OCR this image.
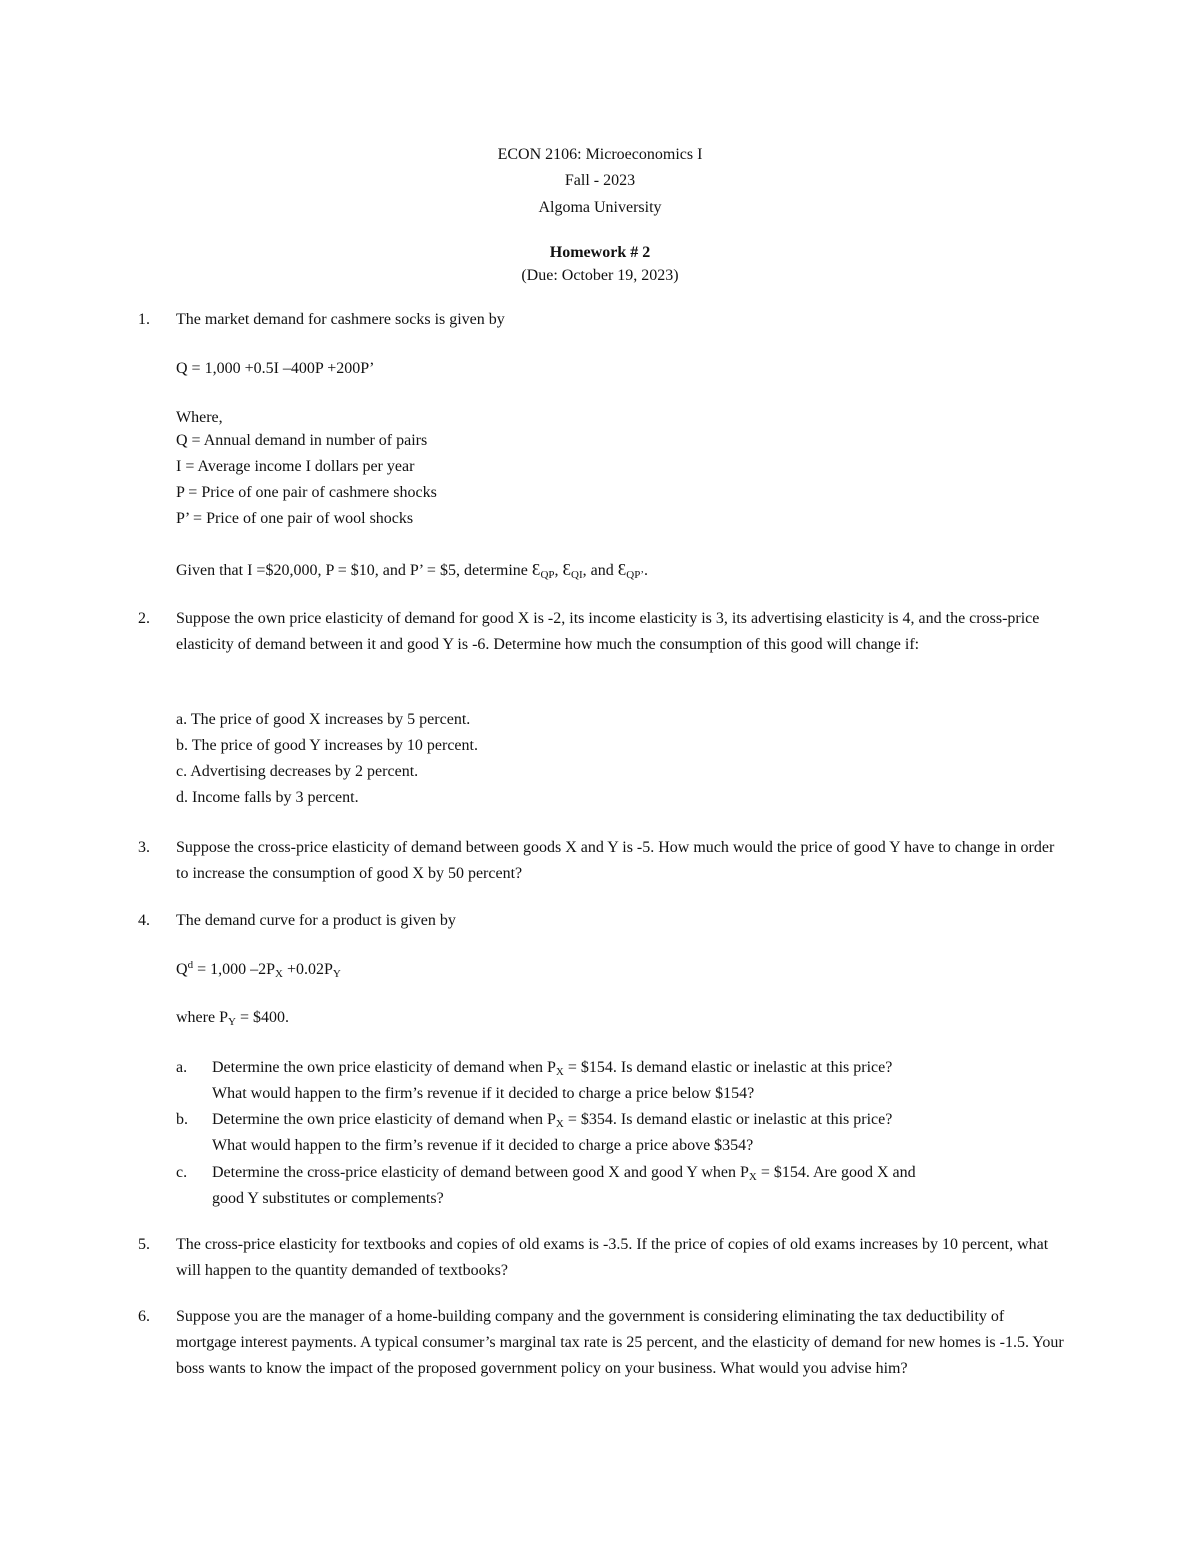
ECON 2106: Microeconomics I
Fall - 2023
Algoma University
Homework # 2
(Due: October 19, 2023)
1.	The market demand for cashmere socks is given by
Q = 1,000 +0.5I –400P +200P’
Where,
Q = Annual demand in number of pairs
I = Average income I dollars per year
P = Price of one pair of cashmere shocks
P’ = Price of one pair of wool shocks
Given that I =$20,000, P = $10, and P’ = $5, determine $Ɛ_{QP}$, $Ɛ_{QI}$, and $Ɛ_{QP’}$.
2.	Suppose the own price elasticity of demand for good X is -2, its income elasticity is 3, its advertising elasticity is 4, and the cross-price elasticity of demand between it and good Y is -6. Determine how much the consumption of this good will change if:
a. The price of good X increases by 5 percent.
b. The price of good Y increases by 10 percent.
c. Advertising decreases by 2 percent.
d. Income falls by 3 percent.
3.	Suppose the cross-price elasticity of demand between goods X and Y is -5. How much would the price of good Y have to change in order to increase the consumption of good X by 50 percent?
4.	The demand curve for a product is given by
$Q^d = 1,000$ $-2P_X +0.02P_Y$
where $P_Y$ = $400.
a. Determine the own price elasticity of demand when $P_X$ = $154. Is demand elastic or inelastic at this price?
What would happen to the firm’s revenue if it decided to charge a price below $154?
b. Determine the own price elasticity of demand when $P_X$ = $354. Is demand elastic or inelastic at this price?
What would happen to the firm’s revenue if it decided to charge a price above $354?
c. Determine the cross-price elasticity of demand between good X and good Y when $P_X$ = $154. Are good X and
good Y substitutes or complements?
5.	The cross-price elasticity for textbooks and copies of old exams is -3.5. If the price of copies of old exams increases by 10 percent, what will happen to the quantity demanded of textbooks?
6.	Suppose you are the manager of a home-building company and the government is considering eliminating the tax deductibility of mortgage interest payments. A typical consumer’s marginal tax rate is 25 percent, and the elasticity of demand for new homes is -1.5. Your boss wants to know the impact of the proposed government policy on your business. What would you advise him?
